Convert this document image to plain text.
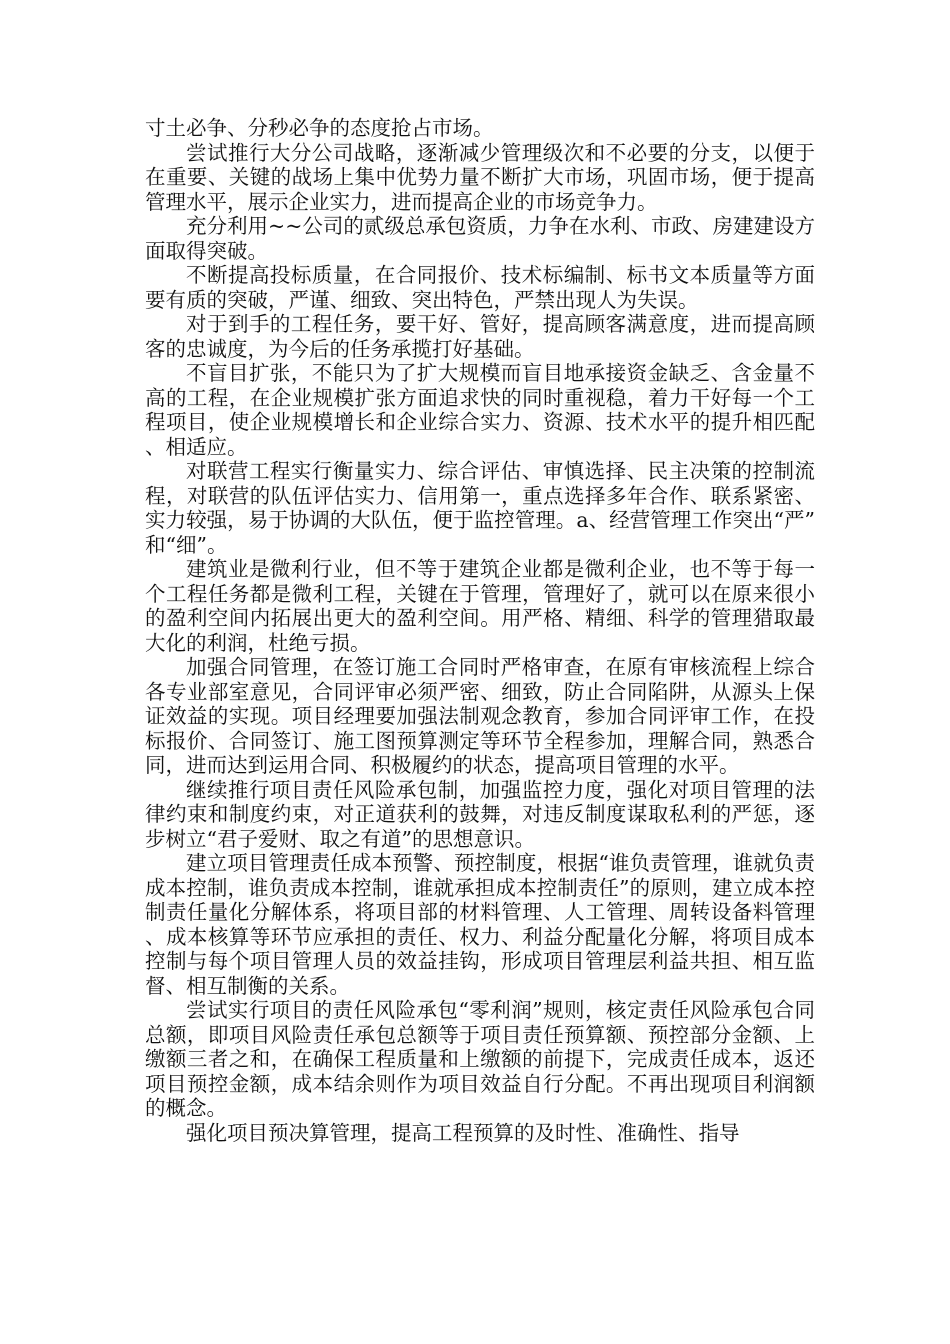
寸土必争、分秒必争的态度抢占市场。

尝试推行大分公司战略，逐渐减少管理级次和不必要的分支，以便于在重要、关键的战场上集中优势力量不断扩大市场，巩固市场，便于提高管理水平，展示企业实力，进而提高企业的市场竞争力。

充分利用~~公司的贰级总承包资质，力争在水利、市政、房建建设方面取得突破。

不断提高投标质量，在合同报价、技术标编制、标书文本质量等方面要有质的突破，严谨、细致、突出特色，严禁出现人为失误。

对于到手的工程任务，要干好、管好，提高顾客满意度，进而提高顾客的忠诚度，为今后的任务承揽打好基础。

不盲目扩张，不能只为了扩大规模而盲目地承接资金缺乏、含金量不高的工程，在企业规模扩张方面追求快的同时重视稳，着力干好每一个工程项目，使企业规模增长和企业综合实力、资源、技术水平的提升相匹配、相适应。

对联营工程实行衡量实力、综合评估、审慎选择、民主决策的控制流程，对联营的队伍评估实力、信用第一，重点选择多年合作、联系紧密、实力较强，易于协调的大队伍，便于监控管理。a、经营管理工作突出“严”和“细”。

建筑业是微利行业，但不等于建筑企业都是微利企业，也不等于每一个工程任务都是微利工程，关键在于管理，管理好了，就可以在原来很小的盈利空间内拓展出更大的盈利空间。用严格、精细、科学的管理猎取最大化的利润，杜绝亏损。

加强合同管理，在签订施工合同时严格审查，在原有审核流程上综合各专业部室意见，合同评审必须严密、细致，防止合同陷阱，从源头上保证效益的实现。项目经理要加强法制观念教育，参加合同评审工作，在投标报价、合同签订、施工图预算测定等环节全程参加，理解合同，熟悉合同，进而达到运用合同、积极履约的状态，提高项目管理的水平。

继续推行项目责任风险承包制，加强监控力度，强化对项目管理的法律约束和制度约束，对正道获利的鼓舞，对违反制度谋取私利的严惩，逐步树立“君子爱财、取之有道”的思想意识。

建立项目管理责任成本预警、预控制度，根据“谁负责管理，谁就负责成本控制，谁负责成本控制，谁就承担成本控制责任”的原则，建立成本控制责任量化分解体系，将项目部的材料管理、人工管理、周转设备料管理、成本核算等环节应承担的责任、权力、利益分配量化分解，将项目成本控制与每个项目管理人员的效益挂钩，形成项目管理层利益共担、相互监督、相互制衡的关系。

尝试实行项目的责任风险承包“零利润”规则，核定责任风险承包合同总额，即项目风险责任承包总额等于项目责任预算额、预控部分金额、上缴额三者之和，在确保工程质量和上缴额的前提下，完成责任成本，返还项目预控金额，成本结余则作为项目效益自行分配。不再出现项目利润额的概念。

强化项目预决算管理，提高工程预算的及时性、准确性、指导
